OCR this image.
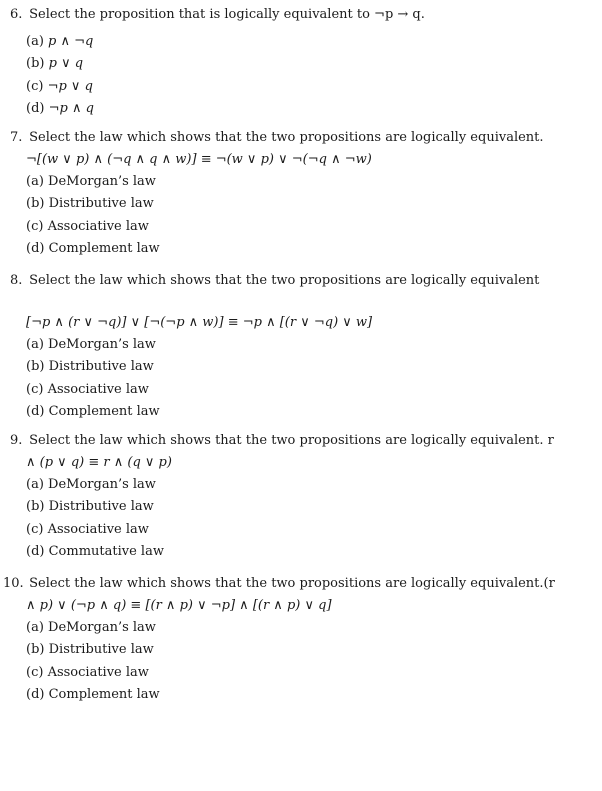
6. Select the proposition that is logically equivalent to ¬p → q.
(a) p ∧ ¬q
(b) p ∨ q
(c) ¬p ∨ q
(d) ¬p ∧ q
7. Select the law which shows that the two propositions are logically equivalent.
¬[(w ∨ p) ∧ (¬q ∧ q ∧ w)] ≡ ¬(w ∨ p) ∨ ¬(¬q ∧ ¬w)
(a) DeMorgan’s law
(b) Distributive law
(c) Associative law
(d) Complement law
8. Select the law which shows that the two propositions are logically equivalent
[¬p ∧ (r ∨ ¬q)] ∨ [¬(¬p ∧ w)] ≡ ¬p ∧ [(r ∨ ¬q) ∨ w]
(a) DeMorgan’s law
(b) Distributive law
(c) Associative law
(d) Complement law
9. Select the law which shows that the two propositions are logically equivalent. r
∧ (p ∨ q) ≡ r ∧ (q ∨ p)
(a) DeMorgan’s law
(b) Distributive law
(c) Associative law
(d) Commutative law
10. Select the law which shows that the two propositions are logically equivalent.(r
∧ p) ∨ (¬p ∧ q) ≡ [(r ∧ p) ∨ ¬p] ∧ [(r ∧ p) ∨ q]
(a) DeMorgan’s law
(b) Distributive law
(c) Associative law
(d) Complement law
